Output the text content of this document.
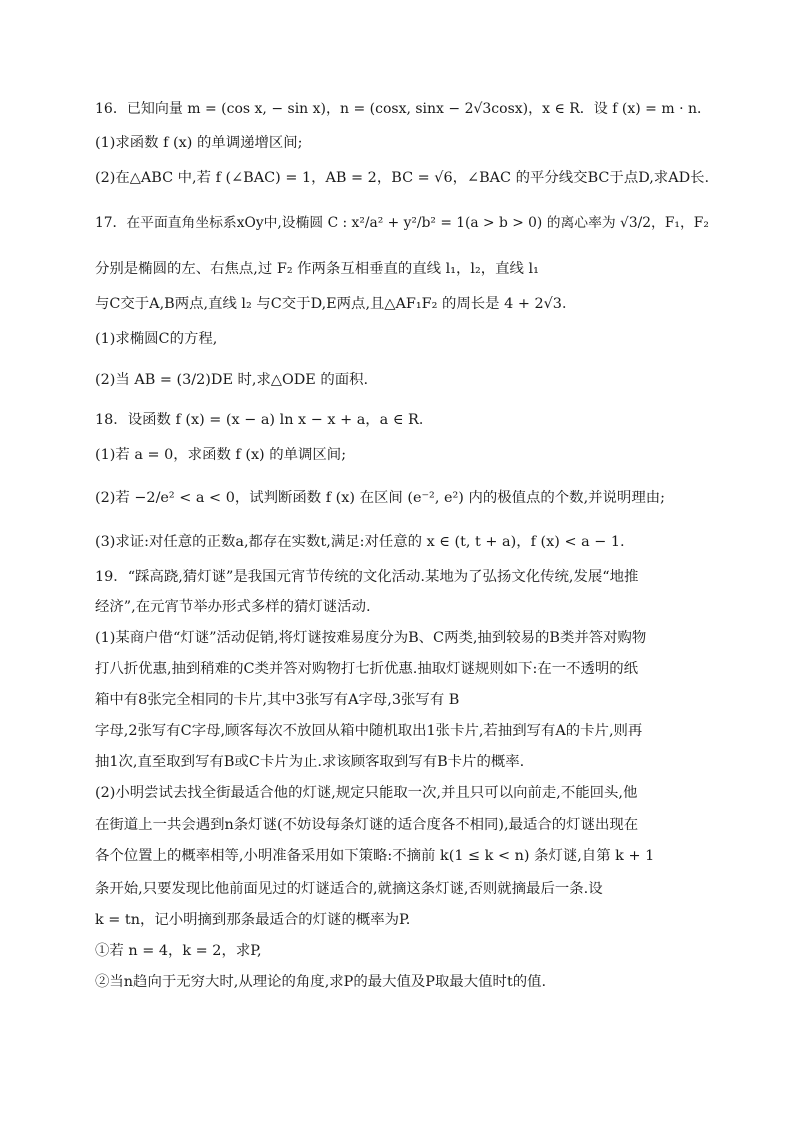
16．已知向量 m = (cos x, − sin x)，n = (cosx, sinx − 2√3cosx)，x ∈ R．设 f (x) = m · n．
(1)求函数 f (x) 的单调递增区间;
(2)在△ABC 中,若 f (∠BAC) = 1，AB = 2，BC = √6，∠BAC 的平分线交BC于点D,求AD长.
17．在平面直角坐标系xOy中,设椭圆 C : x²/a² + y²/b² = 1(a > b > 0) 的离心率为 √3/2，F₁，F₂
分别是椭圆的左、右焦点,过 F₂ 作两条互相垂直的直线 l₁，l₂，直线 l₁
与C交于A,B两点,直线 l₂ 与C交于D,E两点,且△AF₁F₂ 的周长是 4 + 2√3．
(1)求椭圆C的方程,
(2)当 AB = (3/2)DE 时,求△ODE 的面积.
18．设函数 f (x) = (x − a) ln x − x + a，a ∈ R．
(1)若 a = 0，求函数 f (x) 的单调区间;
(2)若 −2/e² < a < 0，试判断函数 f (x) 在区间 (e⁻², e²) 内的极值点的个数,并说明理由;
(3)求证:对任意的正数a,都存在实数t,满足:对任意的 x ∈ (t, t + a)，f (x) < a − 1.
19．“踩高跷,猜灯谜”是我国元宵节传统的文化活动.某地为了弘扬文化传统,发展“地推
经济”,在元宵节举办形式多样的猜灯谜活动.
(1)某商户借“灯谜”活动促销,将灯谜按难易度分为B、C两类,抽到较易的B类并答对购物
打八折优惠,抽到稍难的C类并答对购物打七折优惠.抽取灯谜规则如下:在一不透明的纸
箱中有8张完全相同的卡片,其中3张写有A字母,3张写有 B
字母,2张写有C字母,顾客每次不放回从箱中随机取出1张卡片,若抽到写有A的卡片,则再
抽1次,直至取到写有B或C卡片为止.求该顾客取到写有B卡片的概率.
(2)小明尝试去找全街最适合他的灯谜,规定只能取一次,并且只可以向前走,不能回头,他
在街道上一共会遇到n条灯谜(不妨设每条灯谜的适合度各不相同),最适合的灯谜出现在
各个位置上的概率相等,小明准备采用如下策略:不摘前 k(1 ≤ k < n) 条灯谜,自第 k + 1
条开始,只要发现比他前面见过的灯谜适合的,就摘这条灯谜,否则就摘最后一条.设
k = tn，记小明摘到那条最适合的灯谜的概率为P.
①若 n = 4，k = 2，求P,
②当n趋向于无穷大时,从理论的角度,求P的最大值及P取最大值时t的值.
